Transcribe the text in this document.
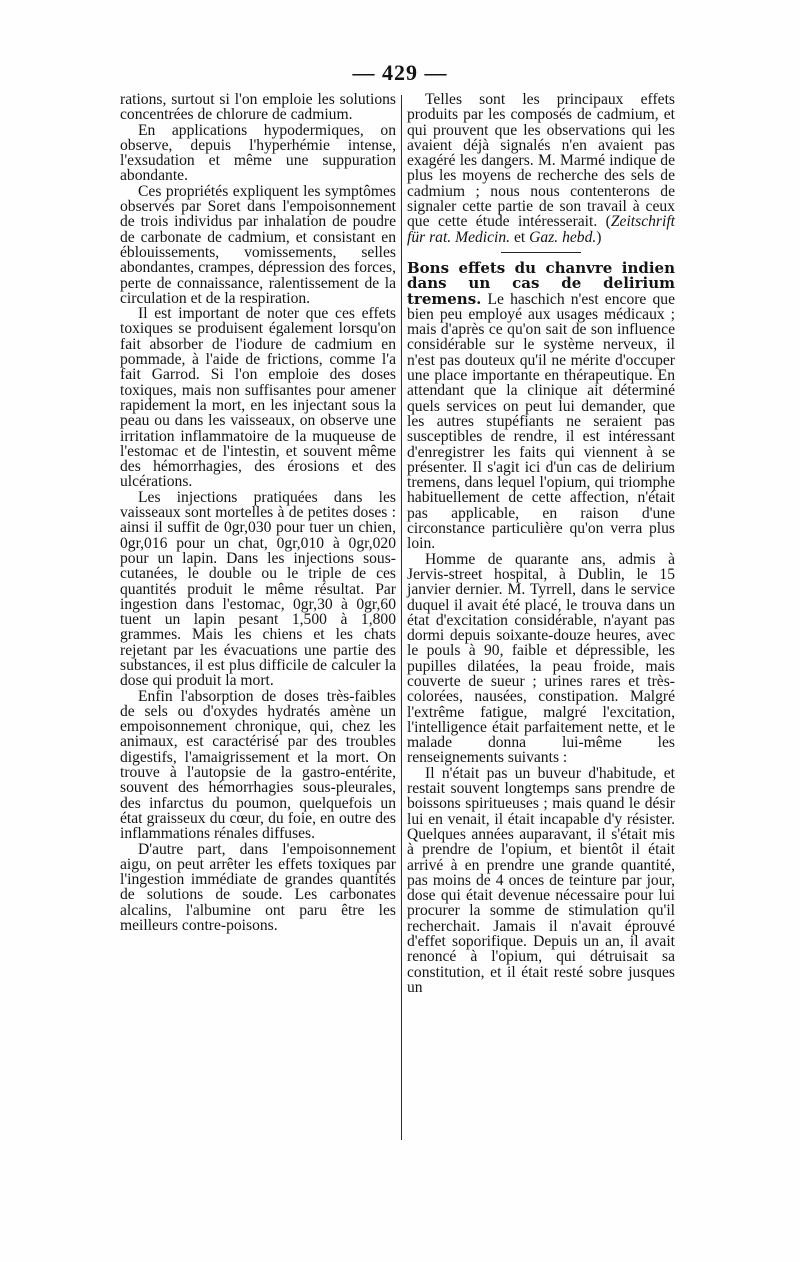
— 429 —

rations, surtout si l'on emploie les solutions concentrées de chlorure de cadmium.

En applications hypodermiques, on observe, depuis l'hyperhémie intense, l'exsudation et même une suppuration abondante.

Ces propriétés expliquent les symptômes observés par Soret dans l'empoisonnement de trois individus par inhalation de poudre de carbonate de cadmium, et consistant en éblouissements, vomissements, selles abondantes, crampes, dépression des forces, perte de connaissance, ralentissement de la circulation et de la respiration.

Il est important de noter que ces effets toxiques se produisent également lorsqu'on fait absorber de l'iodure de cadmium en pommade, à l'aide de frictions, comme l'a fait Garrod. Si l'on emploie des doses toxiques, mais non suffisantes pour amener rapidement la mort, en les injectant sous la peau ou dans les vaisseaux, on observe une irritation inflammatoire de la muqueuse de l'estomac et de l'intestin, et souvent même des hémorrhagies, des érosions et des ulcérations.

Les injections pratiquées dans les vaisseaux sont mortelles à de petites doses : ainsi il suffit de 0gr,030 pour tuer un chien, 0gr,016 pour un chat, 0gr,010 à 0gr,020 pour un lapin. Dans les injections sous-cutanées, le double ou le triple de ces quantités produit le même résultat. Par ingestion dans l'estomac, 0gr,30 à 0gr,60 tuent un lapin pesant 1,500 à 1,800 grammes. Mais les chiens et les chats rejetant par les évacuations une partie des substances, il est plus difficile de calculer la dose qui produit la mort.

Enfin l'absorption de doses très-faibles de sels ou d'oxydes hydratés amène un empoisonnement chronique, qui, chez les animaux, est caractérisé par des troubles digestifs, l'amaigrissement et la mort. On trouve à l'autopsie de la gastro-entérite, souvent des hémorrhagies sous-pleurales, des infarctus du poumon, quelquefois un état graisseux du cœur, du foie, en outre des inflammations rénales diffuses.

D'autre part, dans l'empoisonnement aigu, on peut arrêter les effets toxiques par l'ingestion immédiate de grandes quantités de solutions de soude. Les carbonates alcalins, l'albumine ont paru être les meilleurs contre-poisons.

Telles sont les principaux effets produits par les composés de cadmium, et qui prouvent que les observations qui les avaient déjà signalés n'en avaient pas exagéré les dangers. M. Marmé indique de plus les moyens de recherche des sels de cadmium ; nous nous contenterons de signaler cette partie de son travail à ceux que cette étude intéresserait. (Zeitschrift für rat. Medicin. et Gaz. hebd.)

Bons effets du chanvre indien dans un cas de delirium tremens. Le haschich n'est encore que bien peu employé aux usages médicaux ; mais d'après ce qu'on sait de son influence considérable sur le système nerveux, il n'est pas douteux qu'il ne mérite d'occuper une place importante en thérapeutique. En attendant que la clinique ait déterminé quels services on peut lui demander, que les autres stupéfiants ne seraient pas susceptibles de rendre, il est intéressant d'enregistrer les faits qui viennent à se présenter. Il s'agit ici d'un cas de delirium tremens, dans lequel l'opium, qui triomphe habituellement de cette affection, n'était pas applicable, en raison d'une circonstance particulière qu'on verra plus loin.

Homme de quarante ans, admis à Jervis-street hospital, à Dublin, le 15 janvier dernier. M. Tyrrell, dans le service duquel il avait été placé, le trouva dans un état d'excitation considérable, n'ayant pas dormi depuis soixante-douze heures, avec le pouls à 90, faible et dépressible, les pupilles dilatées, la peau froide, mais couverte de sueur ; urines rares et très-colorées, nausées, constipation. Malgré l'extrême fatigue, malgré l'excitation, l'intelligence était parfaitement nette, et le malade donna lui-même les renseignements suivants :

Il n'était pas un buveur d'habitude, et restait souvent longtemps sans prendre de boissons spiritueuses ; mais quand le désir lui en venait, il était incapable d'y résister. Quelques années auparavant, il s'était mis à prendre de l'opium, et bientôt il était arrivé à en prendre une grande quantité, pas moins de 4 onces de teinture par jour, dose qui était devenue nécessaire pour lui procurer la somme de stimulation qu'il recherchait. Jamais il n'avait éprouvé d'effet soporifique. Depuis un an, il avait renoncé à l'opium, qui détruisait sa constitution, et il était resté sobre jusques un
